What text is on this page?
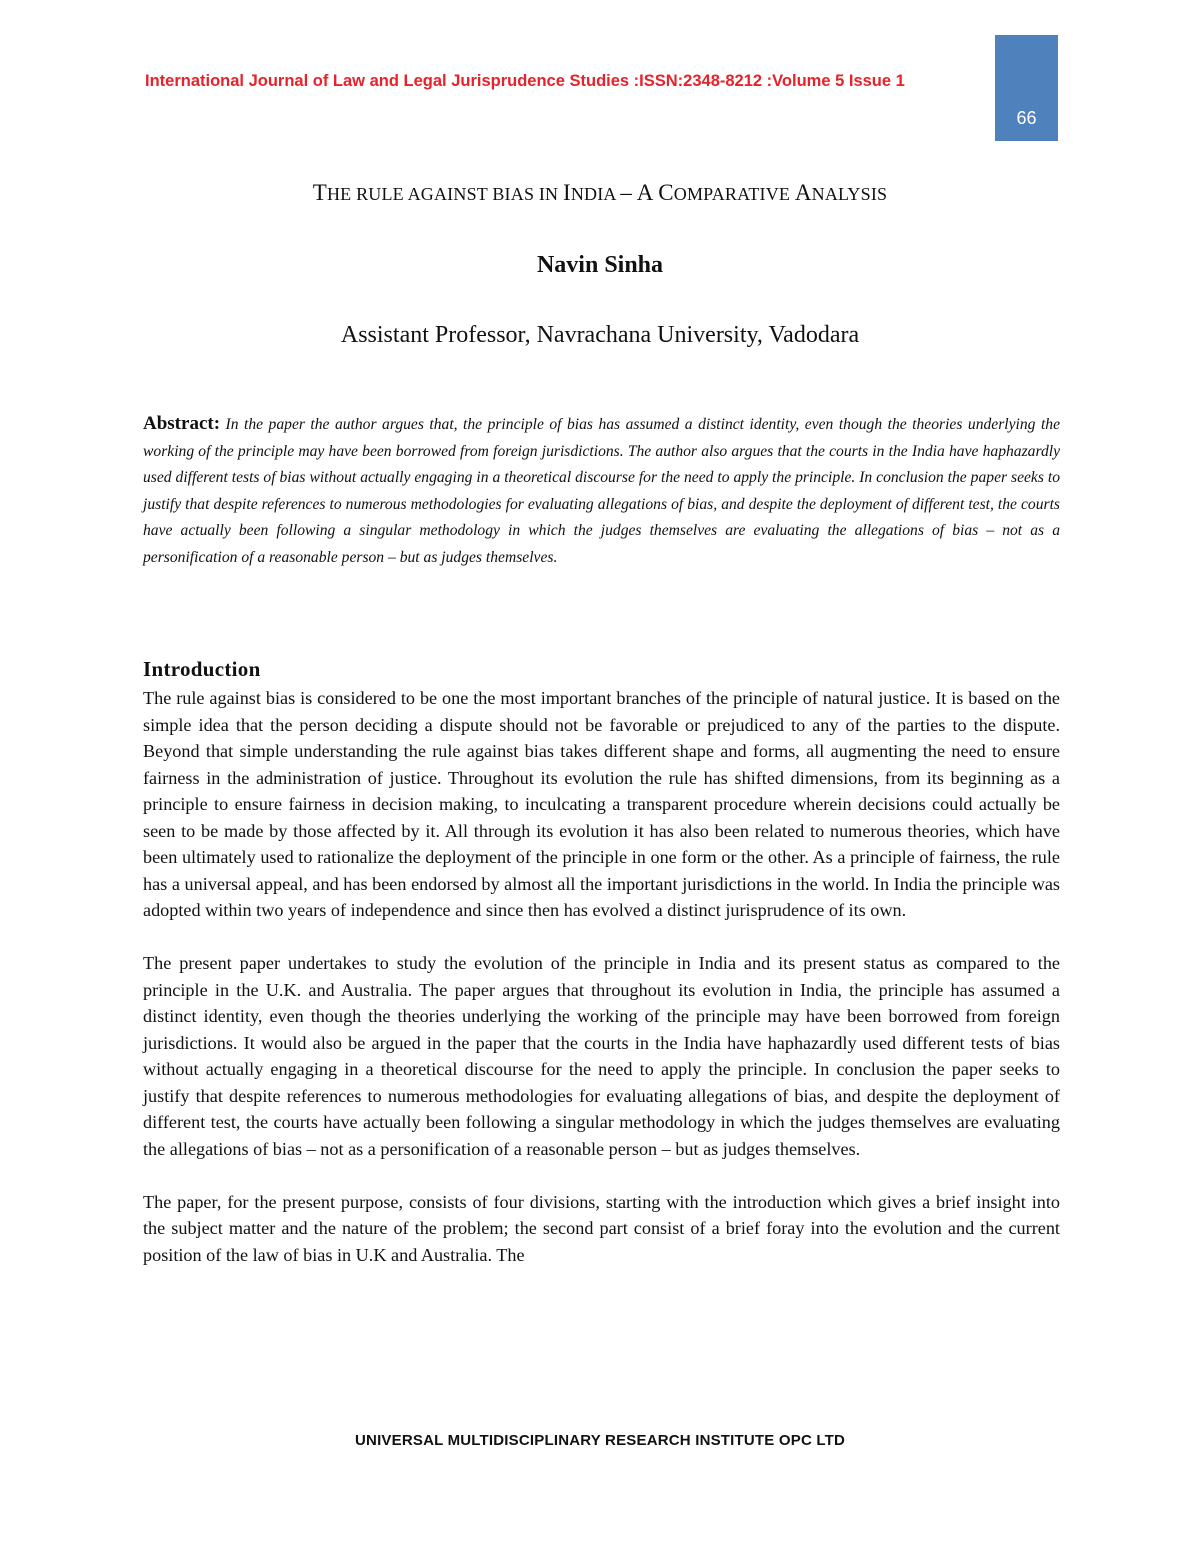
International Journal of Law and Legal Jurisprudence Studies :ISSN:2348-8212 :Volume 5 Issue 1
66
THE RULE AGAINST BIAS IN INDIA – A COMPARATIVE ANALYSIS
Navin Sinha
Assistant Professor, Navrachana University, Vadodara
Abstract: In the paper the author argues that, the principle of bias has assumed a distinct identity, even though the theories underlying the working of the principle may have been borrowed from foreign jurisdictions. The author also argues that the courts in the India have haphazardly used different tests of bias without actually engaging in a theoretical discourse for the need to apply the principle. In conclusion the paper seeks to justify that despite references to numerous methodologies for evaluating allegations of bias, and despite the deployment of different test, the courts have actually been following a singular methodology in which the judges themselves are evaluating the allegations of bias – not as a personification of a reasonable person – but as judges themselves.
Introduction

The rule against bias is considered to be one the most important branches of the principle of natural justice. It is based on the simple idea that the person deciding a dispute should not be favorable or prejudiced to any of the parties to the dispute. Beyond that simple understanding the rule against bias takes different shape and forms, all augmenting the need to ensure fairness in the administration of justice. Throughout its evolution the rule has shifted dimensions, from its beginning as a principle to ensure fairness in decision making, to inculcating a transparent procedure wherein decisions could actually be seen to be made by those affected by it. All through its evolution it has also been related to numerous theories, which have been ultimately used to rationalize the deployment of the principle in one form or the other. As a principle of fairness, the rule has a universal appeal, and has been endorsed by almost all the important jurisdictions in the world. In India the principle was adopted within two years of independence and since then has evolved a distinct jurisprudence of its own.

The present paper undertakes to study the evolution of the principle in India and its present status as compared to the principle in the U.K. and Australia. The paper argues that throughout its evolution in India, the principle has assumed a distinct identity, even though the theories underlying the working of the principle may have been borrowed from foreign jurisdictions. It would also be argued in the paper that the courts in the India have haphazardly used different tests of bias without actually engaging in a theoretical discourse for the need to apply the principle. In conclusion the paper seeks to justify that despite references to numerous methodologies for evaluating allegations of bias, and despite the deployment of different test, the courts have actually been following a singular methodology in which the judges themselves are evaluating the allegations of bias – not as a personification of a reasonable person – but as judges themselves.

The paper, for the present purpose, consists of four divisions, starting with the introduction which gives a brief insight into the subject matter and the nature of the problem; the second part consist of a brief foray into the evolution and the current position of the law of bias in U.K and Australia. The

UNIVERSAL MULTIDISCIPLINARY RESEARCH INSTITUTE OPC LTD
